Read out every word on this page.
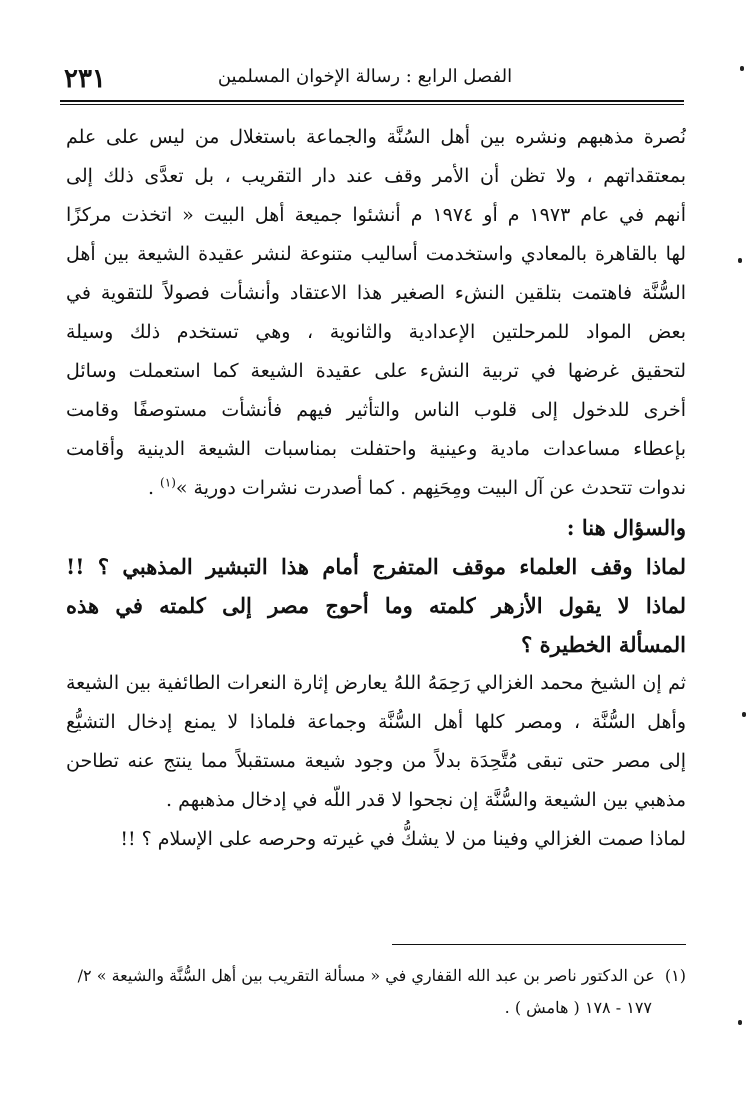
٢٣١	الفصل الرابع : رسالة الإخوان المسلمين
نُصرة مذهبهم ونشره بين أهل السُنَّة والجماعة باستغلال من ليس على علم
بمعتقداتهم ، ولا تظن أن الأمر وقف عند دار التقريب ، بل تعدَّى ذلك إلى
أنهم في عام ١٩٧٣ م أو ١٩٧٤ م أنشئوا جميعة أهل البيت « اتخذت مركزًا
لها بالقاهرة بالمعادي واستخدمت أساليب متنوعة لنشر عقيدة الشيعة بين أهل
السُّنَّة فاهتمت بتلقين النشء الصغير هذا الاعتقاد وأنشأت فصولاً للتقوية في
بعض المواد للمرحلتين الإعدادية والثانوية ، وهي تستخدم ذلك وسيلة
لتحقيق غرضها في تربية النشء على عقيدة الشيعة كما استعملت وسائل
أخرى للدخول إلى قلوب الناس والتأثير فيهم فأنشأت مستوصفًا وقامت
بإعطاء مساعدات مادية وعينية واحتفلت بمناسبات الشيعة الدينية وأقامت
ندوات تتحدث عن آل البيت ومِحَنِهم . كما أصدرت نشرات دورية »$^{(١)}$ .
والسؤال هنا :
لماذا وقف العلماء موقف المتفرج أمام هذا التبشير المذهبي ؟ !!
لماذا لا يقول الأزهر كلمته وما أحوج مصر إلى كلمته في هذه
المسألة الخطيرة ؟
ثم إن الشيخ محمد الغزالي رَحِمَهُ اللهُ يعارض إثارة النعرات الطائفية بين الشيعة
وأهل السُّنَّة ، ومصر كلها أهل السُّنَّة وجماعة فلماذا لا يمنع إدخال التشيُّع
إلى مصر حتى تبقى مُتَّحِدَة بدلاً من وجود شيعة مستقبلاً مما ينتج عنه تطاحن
مذهبي بين الشيعة والسُّنَّة إن نجحوا لا قدر اللّه في إدخال مذهبهم .
لماذا صمت الغزالي وفينا من لا يشكُّ في غيرته وحرصه على الإسلام ؟ !!
(١)  عن الدكتور ناصر بن عبد الله القفاري في « مسألة التقريب بين أهل السُّنَّة والشيعة » ٢/
١٧٧ - ١٧٨ ( هامش ) .
